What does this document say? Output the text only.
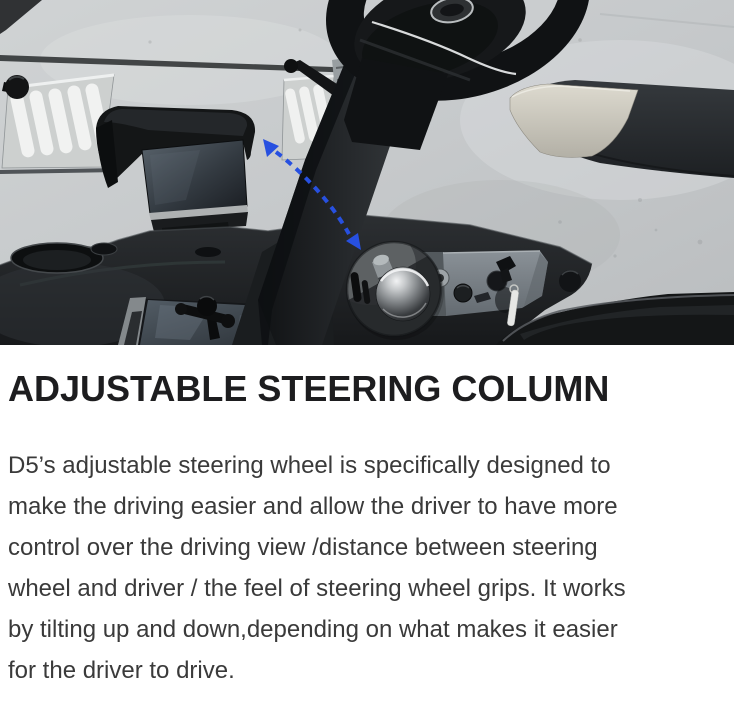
ADJUSTABLE STEERING COLUMN
D5’s adjustable steering wheel is specifically designed to
make the driving easier and allow the driver to have more
control over the driving view /distance between steering
wheel and driver / the feel of steering wheel grips. It works
by tilting up and down,depending on what makes it easier
for the driver to drive.
